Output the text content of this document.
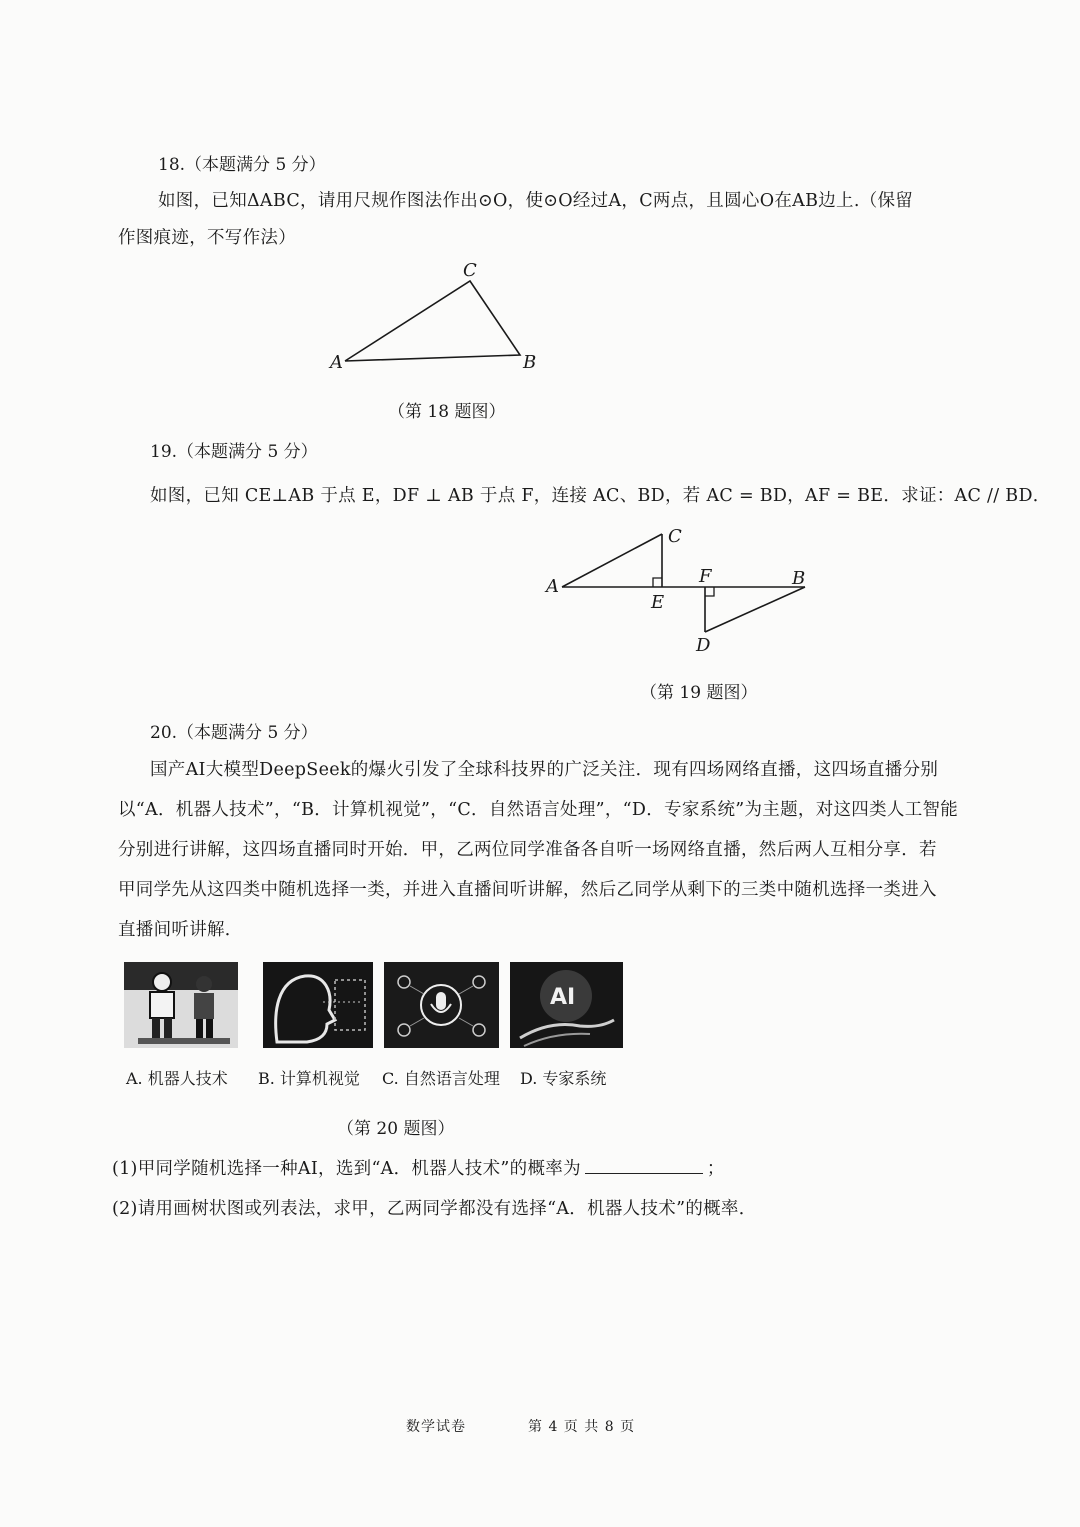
18.（本题满分 5 分）
如图，已知ΔABC，请用尺规作图法作出⊙O，使⊙O经过A，C两点，且圆心O在AB边上.（保留
作图痕迹，不写作法）
A	B
C
（第 18 题图）
19.（本题满分 5 分）
如图，已知 CE⊥AB 于点 E，DF ⊥ AB 于点 F，连接 AC、BD，若 AC = BD，AF = BE．求证：AC // BD．
A	B
C
D
E
F
（第 19 题图）
20.（本题满分 5 分）
国产AI大模型DeepSeek的爆火引发了全球科技界的广泛关注．现有四场网络直播，这四场直播分别
以“A．机器人技术”，“B．计算机视觉”，“C．自然语言处理”，“D．专家系统”为主题，对这四类人工智能
分别进行讲解，这四场直播同时开始．甲，乙两位同学准备各自听一场网络直播，然后两人互相分享．若
甲同学先从这四类中随机选择一类，并进入直播间听讲解，然后乙同学从剩下的三类中随机选择一类进入
直播间听讲解．
AI
A. 机器人技术 B. 计算机视觉 C. 自然语言处理 D. 专家系统
（第 20 题图）
(1)甲同学随机选择一种AI，选到“A．机器人技术”的概率为	；
(2)请用画树状图或列表法，求甲，乙两同学都没有选择“A．机器人技术”的概率．
数学试卷	第 4 页 共 8 页
